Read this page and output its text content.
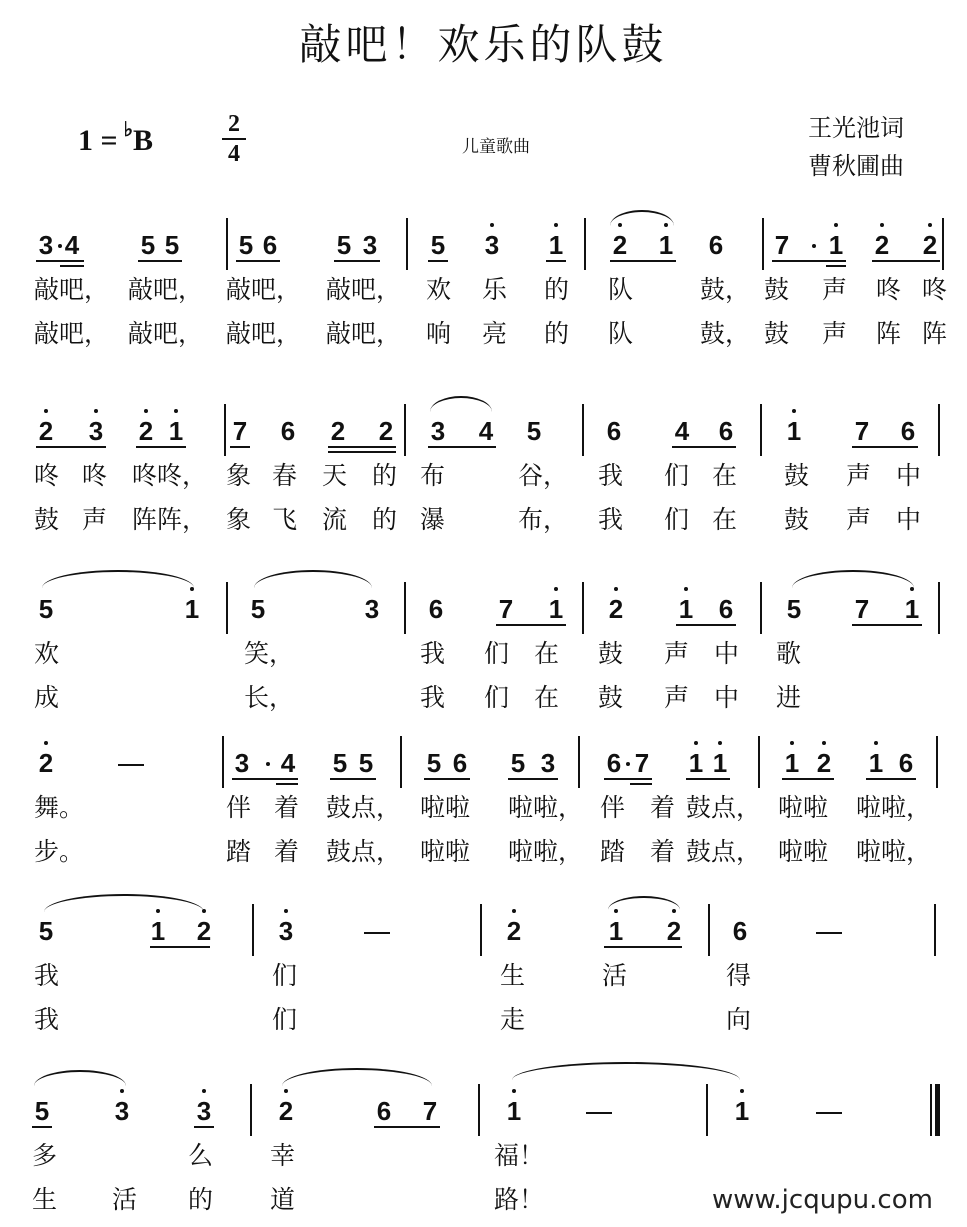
敲吧！欢乐的队鼓
1 = ♭B	2
4	儿童歌曲
王光池词
曹秋圃曲
3 4 5 5 5 6 5 3 5 3 1 2 1 6 7 1 2 2
敲吧， 敲吧， 敲吧， 敲吧， 欢 乐 的 队	鼓， 鼓 声 咚 咚
敲吧， 敲吧， 敲吧， 敲吧， 响 亮 的 队	鼓， 鼓 声 阵 阵
2 3 2 1 7 6 2 2 3 4 5	6 4 6 1 7 6
咚 咚 咚咚， 象 春 天 的 布	谷， 我 们 在 鼓 声 中
鼓 声 阵阵， 象 飞 流 的 瀑	布， 我 们 在 鼓 声 中
5	1 5	3 6 7 1 2 1 6 5 7 1
欢	笑，	我 们 在 鼓 声 中 歌
成	长，	我 们 在 鼓 声 中 进
2	3 4 5 5 5 6 5 3 6 7 1 1 1 2 1 6
舞。	伴 着 鼓点， 啦啦 啦啦， 伴 着 鼓点， 啦啦 啦啦，
步。	踏 着 鼓点， 啦啦 啦啦， 踏 着 鼓点， 啦啦 啦啦，
5	1 2	3	2	1 2 6
我	们	生	活	得
我	们	走	向
5	3	3	2	6 7	1	1
多	么 幸	福！
生 活 的 道	路！	www.jcqupu.com
